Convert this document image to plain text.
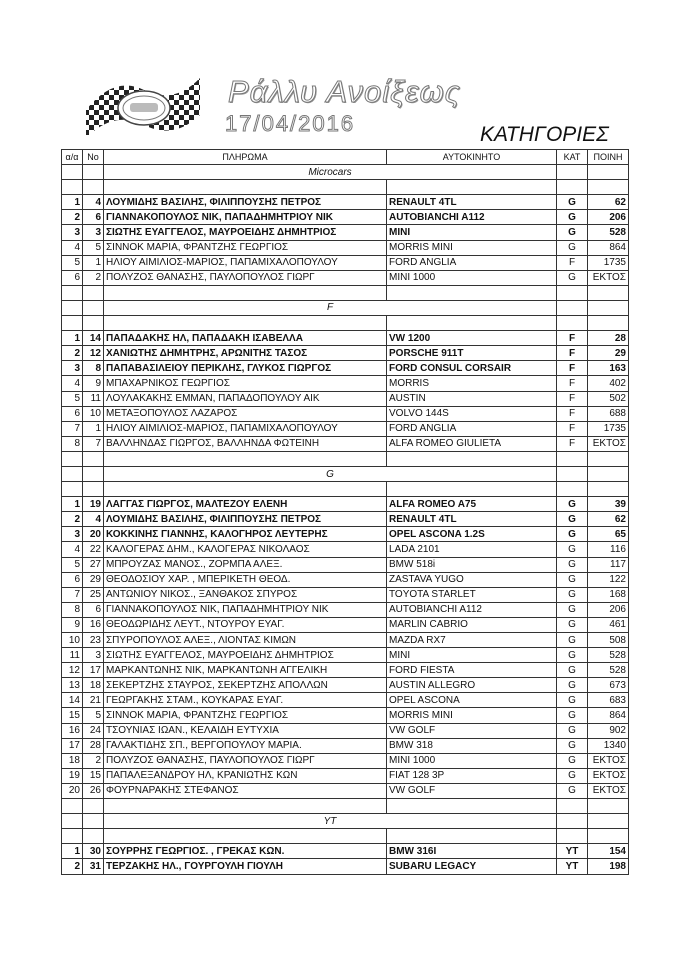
Ράλλυ Ανοίξεως
17/04/2016	ΚΑΤΗΓΟΡΙΕΣ
α/α	Νο	ΠΛΗΡΩΜΑ	ΑΥΤΟΚΙΝΗΤΟ	ΚΑΤ	ΠΟΙΝΗ
		Microcars			

1	4	ΛΟΥΜΙΔΗΣ ΒΑΣΙΛΗΣ, ΦΙΛΙΠΠΟΥΣΗΣ ΠΕΤΡΟΣ	RENAULT 4TL	G	62
2	6	ΓΙΑΝΝΑΚΟΠΟΥΛΟΣ ΝΙΚ, ΠΑΠΑΔΗΜΗΤΡΙΟΥ ΝΙΚ	AUTOBIANCHI A112	G	206
3	3	ΣΙΩΤΗΣ ΕΥΑΓΓΕΛΟΣ, ΜΑΥΡΟΕΙΔΗΣ ΔΗΜΗΤΡΙΟΣ	MINI	G	528
4	5	ΣΙΝΝΟΚ ΜΑΡΙΑ, ΦΡΑΝΤΖΗΣ ΓΕΩΡΓΙΟΣ	MORRIS MINI	G	864
5	1	ΗΛΙΟΥ ΑΙΜΙΛΙΟΣ-ΜΑΡΙΟΣ, ΠΑΠΑΜΙΧΑΛΟΠΟΥΛΟΥ	FORD ANGLIA	F	1735
6	2	ΠΟΛΥΖΟΣ ΘΑΝΑΣΗΣ, ΠΑΥΛΟΠΟΥΛΟΣ ΓΙΩΡΓ	MINI 1000	G	ΕΚΤΟΣ

		F			

1	14	ΠΑΠΑΔΑΚΗΣ ΗΛ, ΠΑΠΑΔΑΚΗ ΙΣΑΒΕΛΛΑ	VW 1200	F	28
2	12	ΧΑΝΙΩΤΗΣ ΔΗΜΗΤΡΗΣ, ΑΡΩΝΙΤΗΣ ΤΑΣΟΣ	PORSCHE 911T	F	29
3	8	ΠΑΠΑΒΑΣΙΛΕΙΟΥ ΠΕΡΙΚΛΗΣ, ΓΛΥΚΟΣ ΓΙΩΡΓΟΣ	FORD CONSUL CORSAIR	F	163
4	9	ΜΠΑΧΑΡΝΙΚΟΣ ΓΕΩΡΓΙΟΣ	MORRIS	F	402
5	11	ΛΟΥΛΑΚΑΚΗΣ ΕΜΜΑΝ, ΠΑΠΑΔΟΠΟΥΛΟΥ ΑΙΚ	AUSTIN	F	502
6	10	ΜΕΤΑΞΟΠΟΥΛΟΣ ΛΑΖΑΡΟΣ	VOLVO 144S	F	688
7	1	ΗΛΙΟΥ ΑΙΜΙΛΙΟΣ-ΜΑΡΙΟΣ, ΠΑΠΑΜΙΧΑΛΟΠΟΥΛΟΥ	FORD ANGLIA	F	1735
8	7	ΒΑΛΛΗΝΔΑΣ ΓΙΩΡΓΟΣ, ΒΑΛΛΗΝΔΑ ΦΩΤΕΙΝΗ	ALFA ROMEO GIULIETA	F	ΕΚΤΟΣ

		G			

1	19	ΛΑΓΓΑΣ ΓΙΩΡΓΟΣ, ΜΑΛΤΕΖΟΥ ΕΛΕΝΗ	ALFA ROMEO A75	G	39
2	4	ΛΟΥΜΙΔΗΣ ΒΑΣΙΛΗΣ, ΦΙΛΙΠΠΟΥΣΗΣ ΠΕΤΡΟΣ	RENAULT 4TL	G	62
3	20	ΚΟΚΚΙΝΗΣ ΓΙΑΝΝΗΣ, ΚΑΛΟΓΗΡΟΣ ΛΕΥΤΕΡΗΣ	OPEL ASCONA 1.2S	G	65
4	22	ΚΑΛΟΓΕΡΑΣ ΔΗΜ., ΚΑΛΟΓΕΡΑΣ ΝΙΚΟΛΑΟΣ	LADA 2101	G	116
5	27	ΜΠΡΟΥΖΑΣ ΜΑΝΟΣ., ΖΟΡΜΠΑ ΑΛΕΞ.	BMW 518i	G	117
6	29	ΘΕΟΔΟΣΙΟΥ ΧΑΡ. , ΜΠΕΡΙΚΕΤΗ ΘΕΟΔ.	ZASTAVA YUGO	G	122
7	25	ΑΝΤΩΝΙΟΥ ΝΙΚΟΣ., ΞΑΝΘΑΚΟΣ ΣΠΥΡΟΣ	TOYOTA STARLET	G	168
8	6	ΓΙΑΝΝΑΚΟΠΟΥΛΟΣ ΝΙΚ, ΠΑΠΑΔΗΜΗΤΡΙΟΥ ΝΙΚ	AUTOBIANCHI A112	G	206
9	16	ΘΕΟΔΩΡΙΔΗΣ ΛΕΥΤ., ΝΤΟΥΡΟΥ ΕΥΑΓ.	MARLIN CABRIO	G	461
10	23	ΣΠΥΡΟΠΟΥΛΟΣ ΑΛΕΞ., ΛΙΟΝΤΑΣ ΚΙΜΩΝ	MAZDA RX7	G	508
11	3	ΣΙΩΤΗΣ ΕΥΑΓΓΕΛΟΣ, ΜΑΥΡΟΕΙΔΗΣ ΔΗΜΗΤΡΙΟΣ	MINI	G	528
12	17	ΜΑΡΚΑΝΤΩΝΗΣ ΝΙΚ, ΜΑΡΚΑΝΤΩΝΗ ΑΓΓΕΛΙΚΗ	FORD FIESTA	G	528
13	18	ΣΕΚΕΡΤΖΗΣ ΣΤΑΥΡΟΣ, ΣΕΚΕΡΤΖΗΣ ΑΠΟΛΛΩΝ	AUSTIN ALLEGRO	G	673
14	21	ΓΕΩΡΓΑΚΗΣ ΣΤΑΜ., ΚΟΥΚΑΡΑΣ ΕΥΑΓ.	OPEL ASCONA	G	683
15	5	ΣΙΝΝΟΚ ΜΑΡΙΑ, ΦΡΑΝΤΖΗΣ ΓΕΩΡΓΙΟΣ	MORRIS MINI	G	864
16	24	ΤΣΟΥΝΙΑΣ ΙΩΑΝ., ΚΕΛΑΙΔΗ ΕΥΤΥΧΙΑ	VW GOLF	G	902
17	28	ΓΑΛΑΚΤΙΔΗΣ ΣΠ., ΒΕΡΓΟΠΟΥΛΟΥ ΜΑΡΙΑ.	BMW 318	G	1340
18	2	ΠΟΛΥΖΟΣ ΘΑΝΑΣΗΣ, ΠΑΥΛΟΠΟΥΛΟΣ ΓΙΩΡΓ	MINI 1000	G	ΕΚΤΟΣ
19	15	ΠΑΠΑΛΕΞΑΝΔΡΟΥ ΗΛ, ΚΡΑΝΙΩΤΗΣ ΚΩΝ	FIAT 128 3P	G	ΕΚΤΟΣ
20	26	ΦΟΥΡΝΑΡΑΚΗΣ ΣΤΕΦΑΝΟΣ	VW GOLF	G	ΕΚΤΟΣ

		YT			

1	30	ΣΟΥΡΡΗΣ ΓΕΩΡΓΙΟΣ. , ΓΡΕΚΑΣ ΚΩΝ.	BMW 316I	YT	154
2	31	ΤΕΡΖΑΚΗΣ ΗΛ., ΓΟΥΡΓΟΥΛΗ ΓΙΟΥΛΗ	SUBARU LEGACY	YT	198
